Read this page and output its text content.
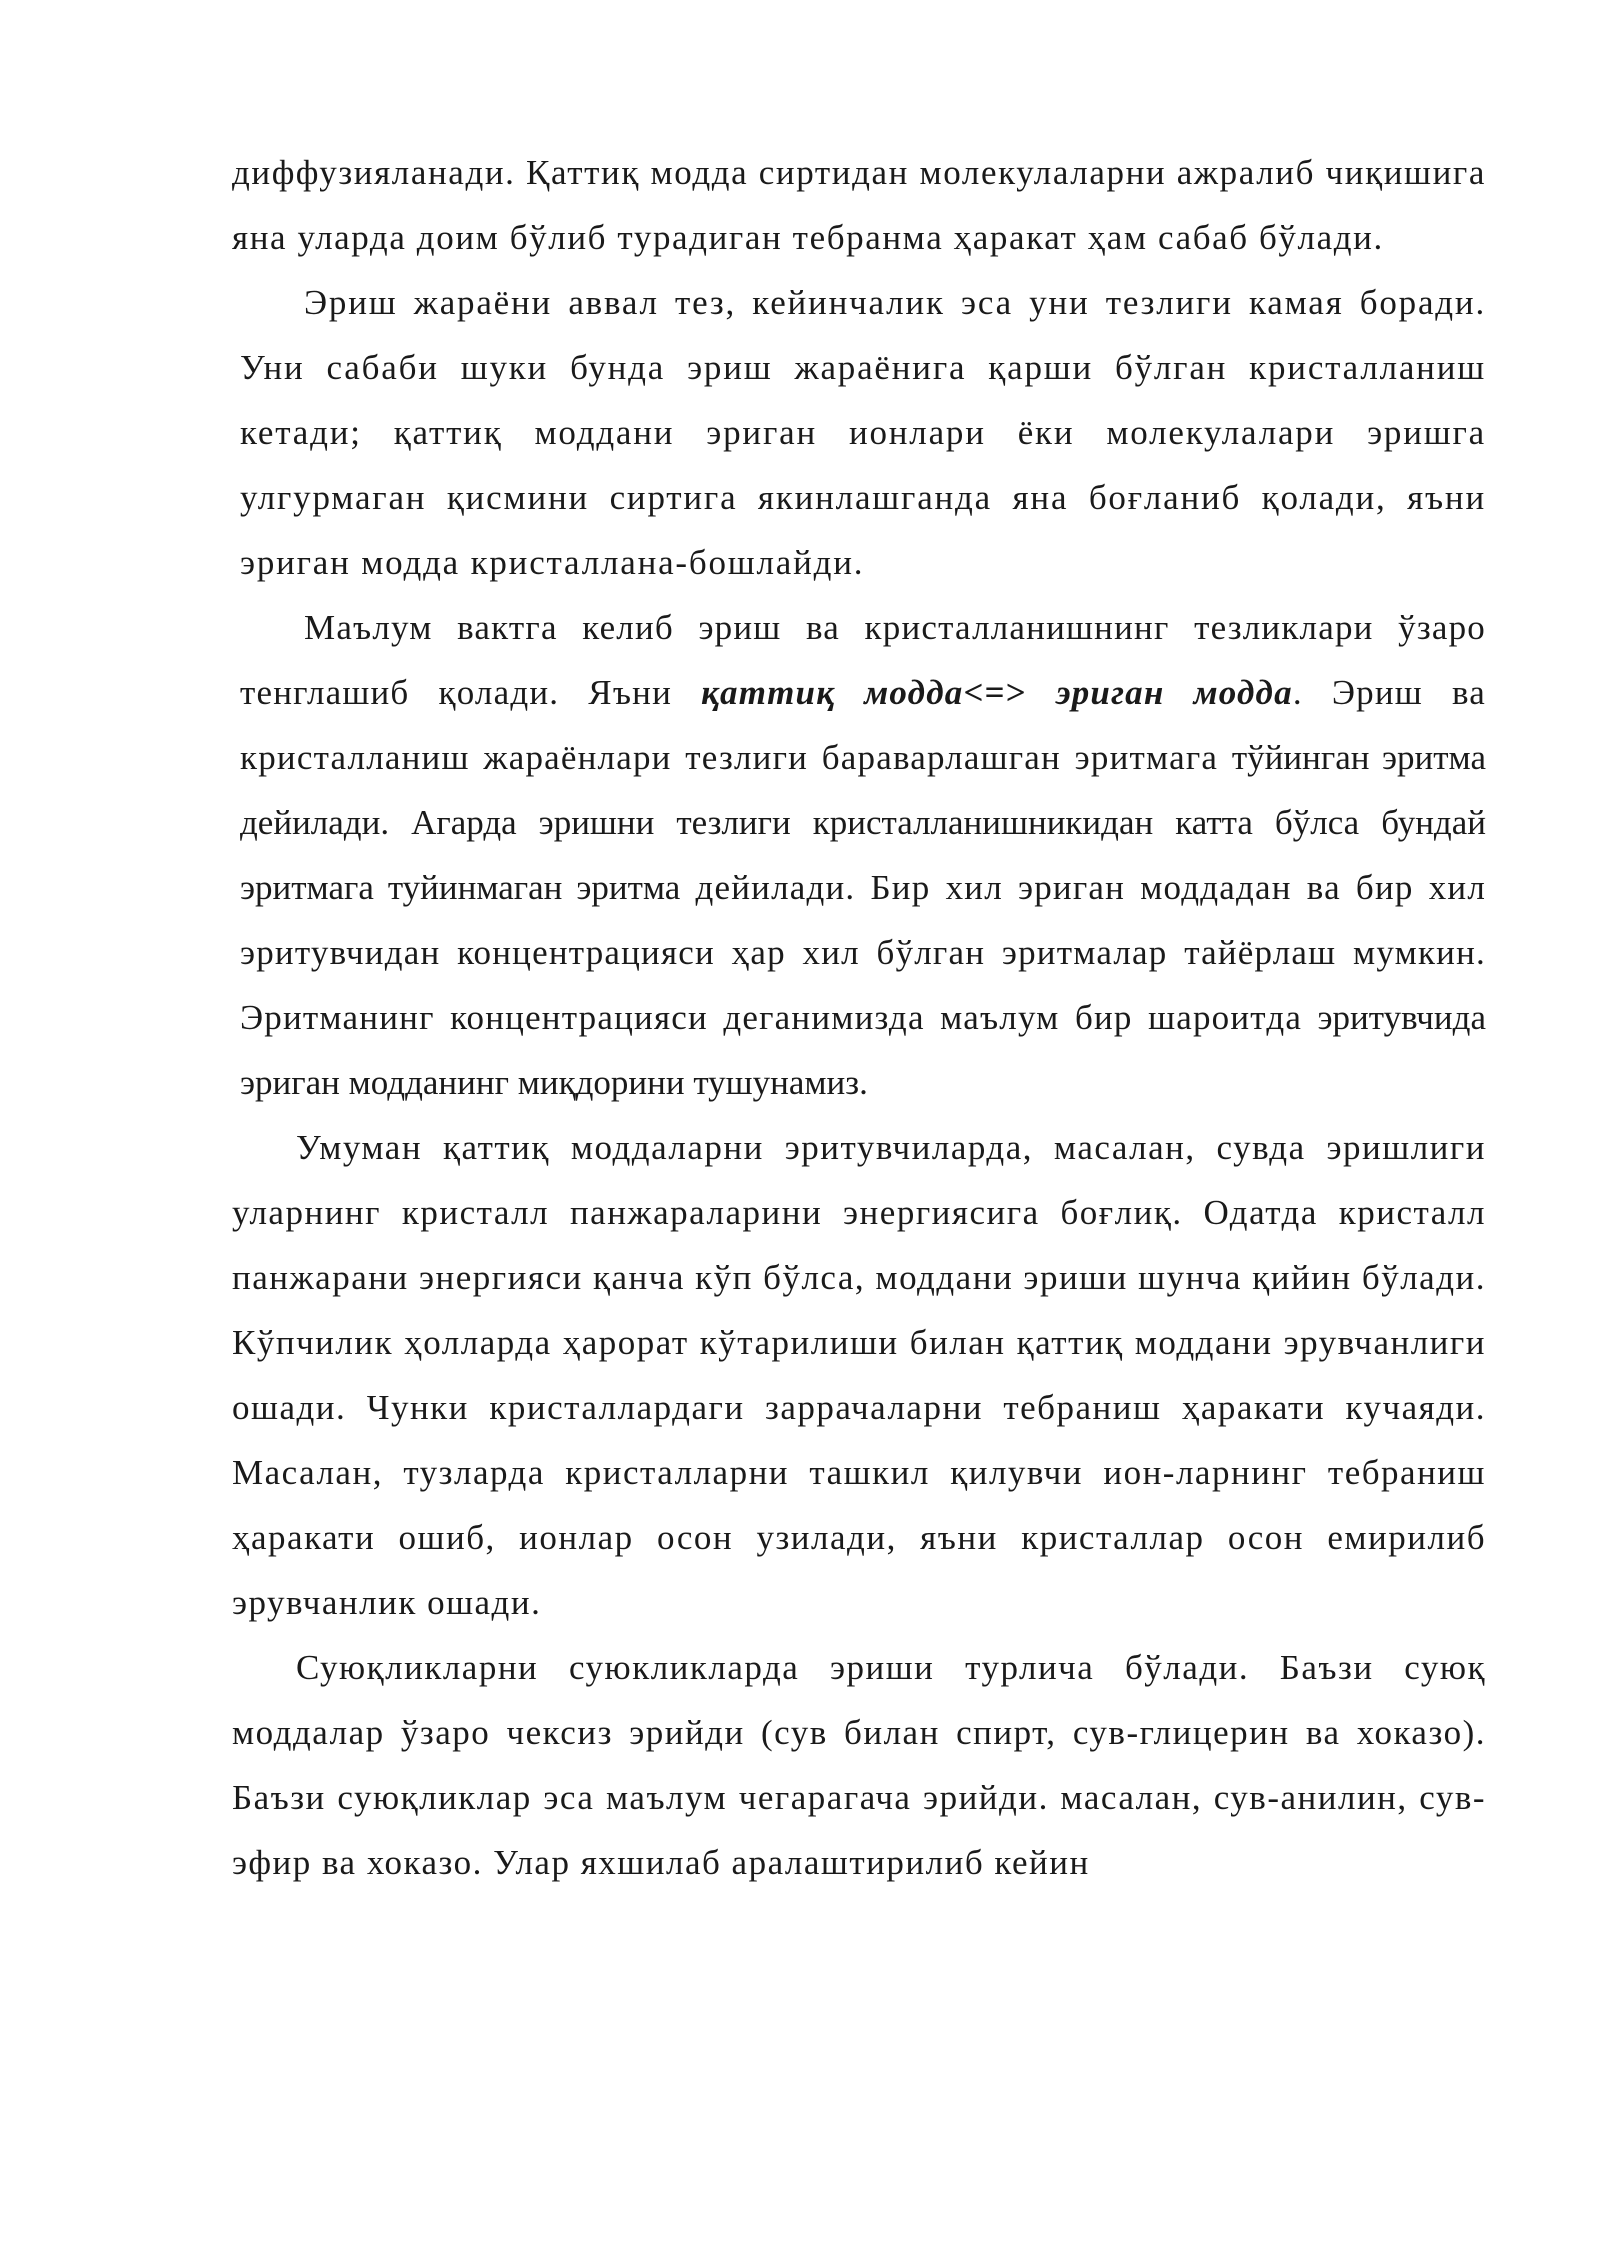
диффузияланади. Қаттиқ модда сиртидан молекулаларни ажралиб чиқишига яна уларда доим бўлиб турадиган тебранма ҳаракат ҳам сабаб бўлади.

Эриш жараёни аввал тез, кейинчалик эса уни тезлиги камая боради. Уни сабаби шуки бунда эриш жараёнига қарши бўлган кристалланиш кетади; қаттиқ моддани эриган ионлари ёки молекулалари эришга улгурмаган қисмини сиртига якинлашганда яна боғланиб қолади, яъни эриган модда кристаллана-бошлайди.

Маълум вактга келиб эриш ва кристалланишнинг тезликлари ўзаро тенглашиб қолади. Яъни қаттиқ модда<=> эриган модда. Эриш ва кристалланиш жараёнлари тезлиги бараварлашган эритмага тўйинган эритма дейилади. Агарда эришни тезлиги кристалланишникидан катта бўлса бундай эритмага туйинмаган эритма дейилади. Бир хил эриган моддадан ва бир хил эритувчидан концентрацияси ҳар хил бўлган эритмалар тайёрлаш мумкин. Эритманинг концентрацияси деганимизда маълум бир шароитда эритувчида эриган модданинг миқдорини тушунамиз.

Умуман қаттиқ моддаларни эритувчиларда, масалан, сувда эришлиги уларнинг кристалл панжараларини энергиясига боғлиқ. Одатда кристалл панжарани энергияси қанча кўп бўлса, моддани эриши шунча қийин бўлади. Кўпчилик ҳолларда ҳарорат кўтарилиши билан қаттиқ моддани эрувчанлиги ошади. Чунки кристаллардаги заррачаларни тебраниш ҳаракати кучаяди. Масалан, тузларда кристалларни ташкил қилувчи ион-ларнинг тебраниш ҳаракати ошиб, ионлар осон узилади, яъни кристаллар осон емирилиб эрувчанлик ошади.

Суюқликларни суюкликларда эриши турлича бўлади. Баъзи суюқ моддалар ўзаро чексиз эрийди (сув билан спирт, сув-глицерин ва хоказо). Баъзи суюқликлар эса маълум чегарагача эрийди. масалан, сув-анилин, сув-эфир ва хоказо. Улар яхшилаб аралаштирилиб кейин
